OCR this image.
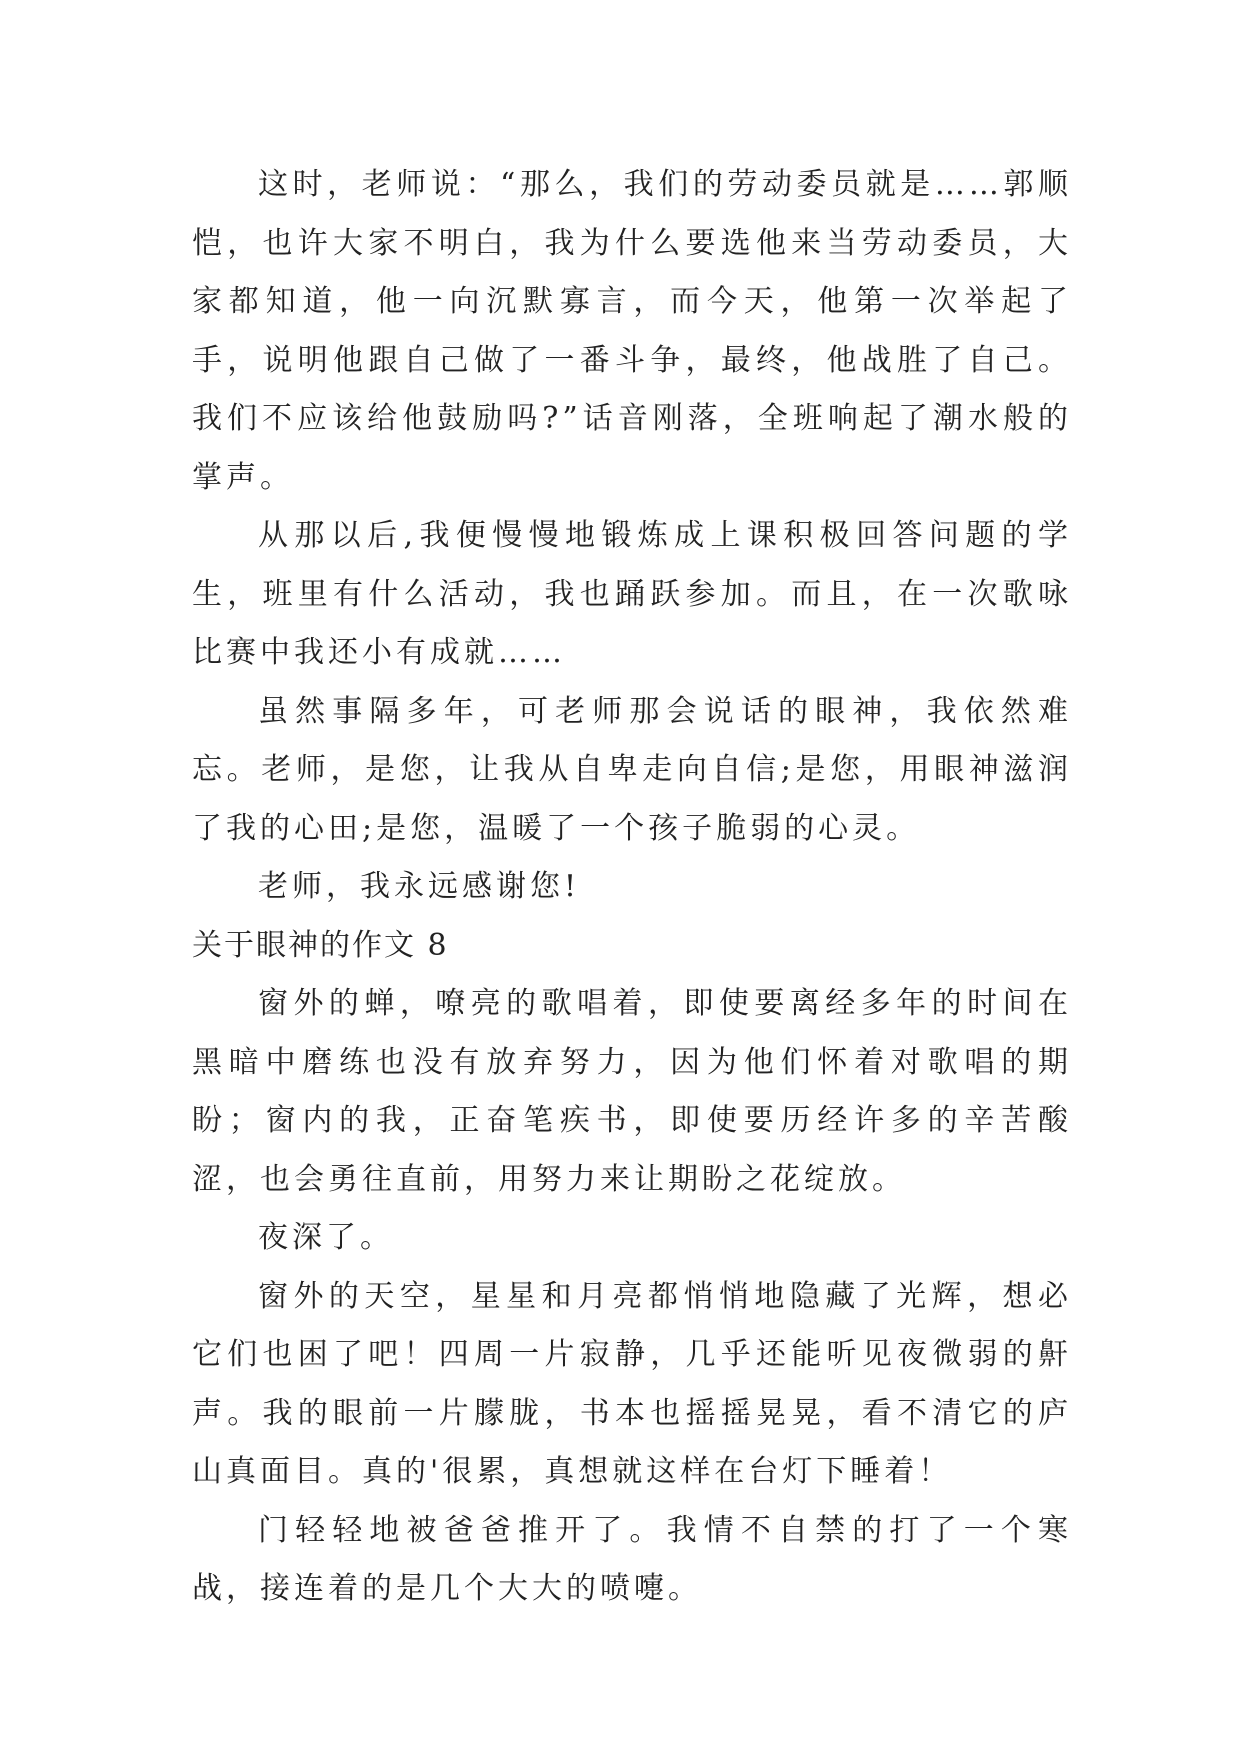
这时，老师说：“那么，我们的劳动委员就是……郭顺恺，也许大家不明白，我为什么要选他来当劳动委员，大家都知道，他一向沉默寡言，而今天，他第一次举起了手，说明他跟自己做了一番斗争，最终，他战胜了自己。我们不应该给他鼓励吗?”话音刚落，全班响起了潮水般的掌声。

从那以后,我便慢慢地锻炼成上课积极回答问题的学生，班里有什么活动，我也踊跃参加。而且，在一次歌咏比赛中我还小有成就……

虽然事隔多年，可老师那会说话的眼神，我依然难忘。老师，是您，让我从自卑走向自信;是您，用眼神滋润了我的心田;是您，温暖了一个孩子脆弱的心灵。

老师，我永远感谢您!

关于眼神的作文 8

窗外的蝉，嘹亮的歌唱着，即使要离经多年的时间在黑暗中磨练也没有放弃努力，因为他们怀着对歌唱的期盼；窗内的我，正奋笔疾书，即使要历经许多的辛苦酸涩，也会勇往直前，用努力来让期盼之花绽放。

夜深了。

窗外的天空，星星和月亮都悄悄地隐藏了光辉，想必它们也困了吧！四周一片寂静，几乎还能听见夜微弱的鼾声。我的眼前一片朦胧，书本也摇摇晃晃，看不清它的庐山真面目。真的'很累，真想就这样在台灯下睡着！

门轻轻地被爸爸推开了。我情不自禁的打了一个寒战，接连着的是几个大大的喷嚏。
